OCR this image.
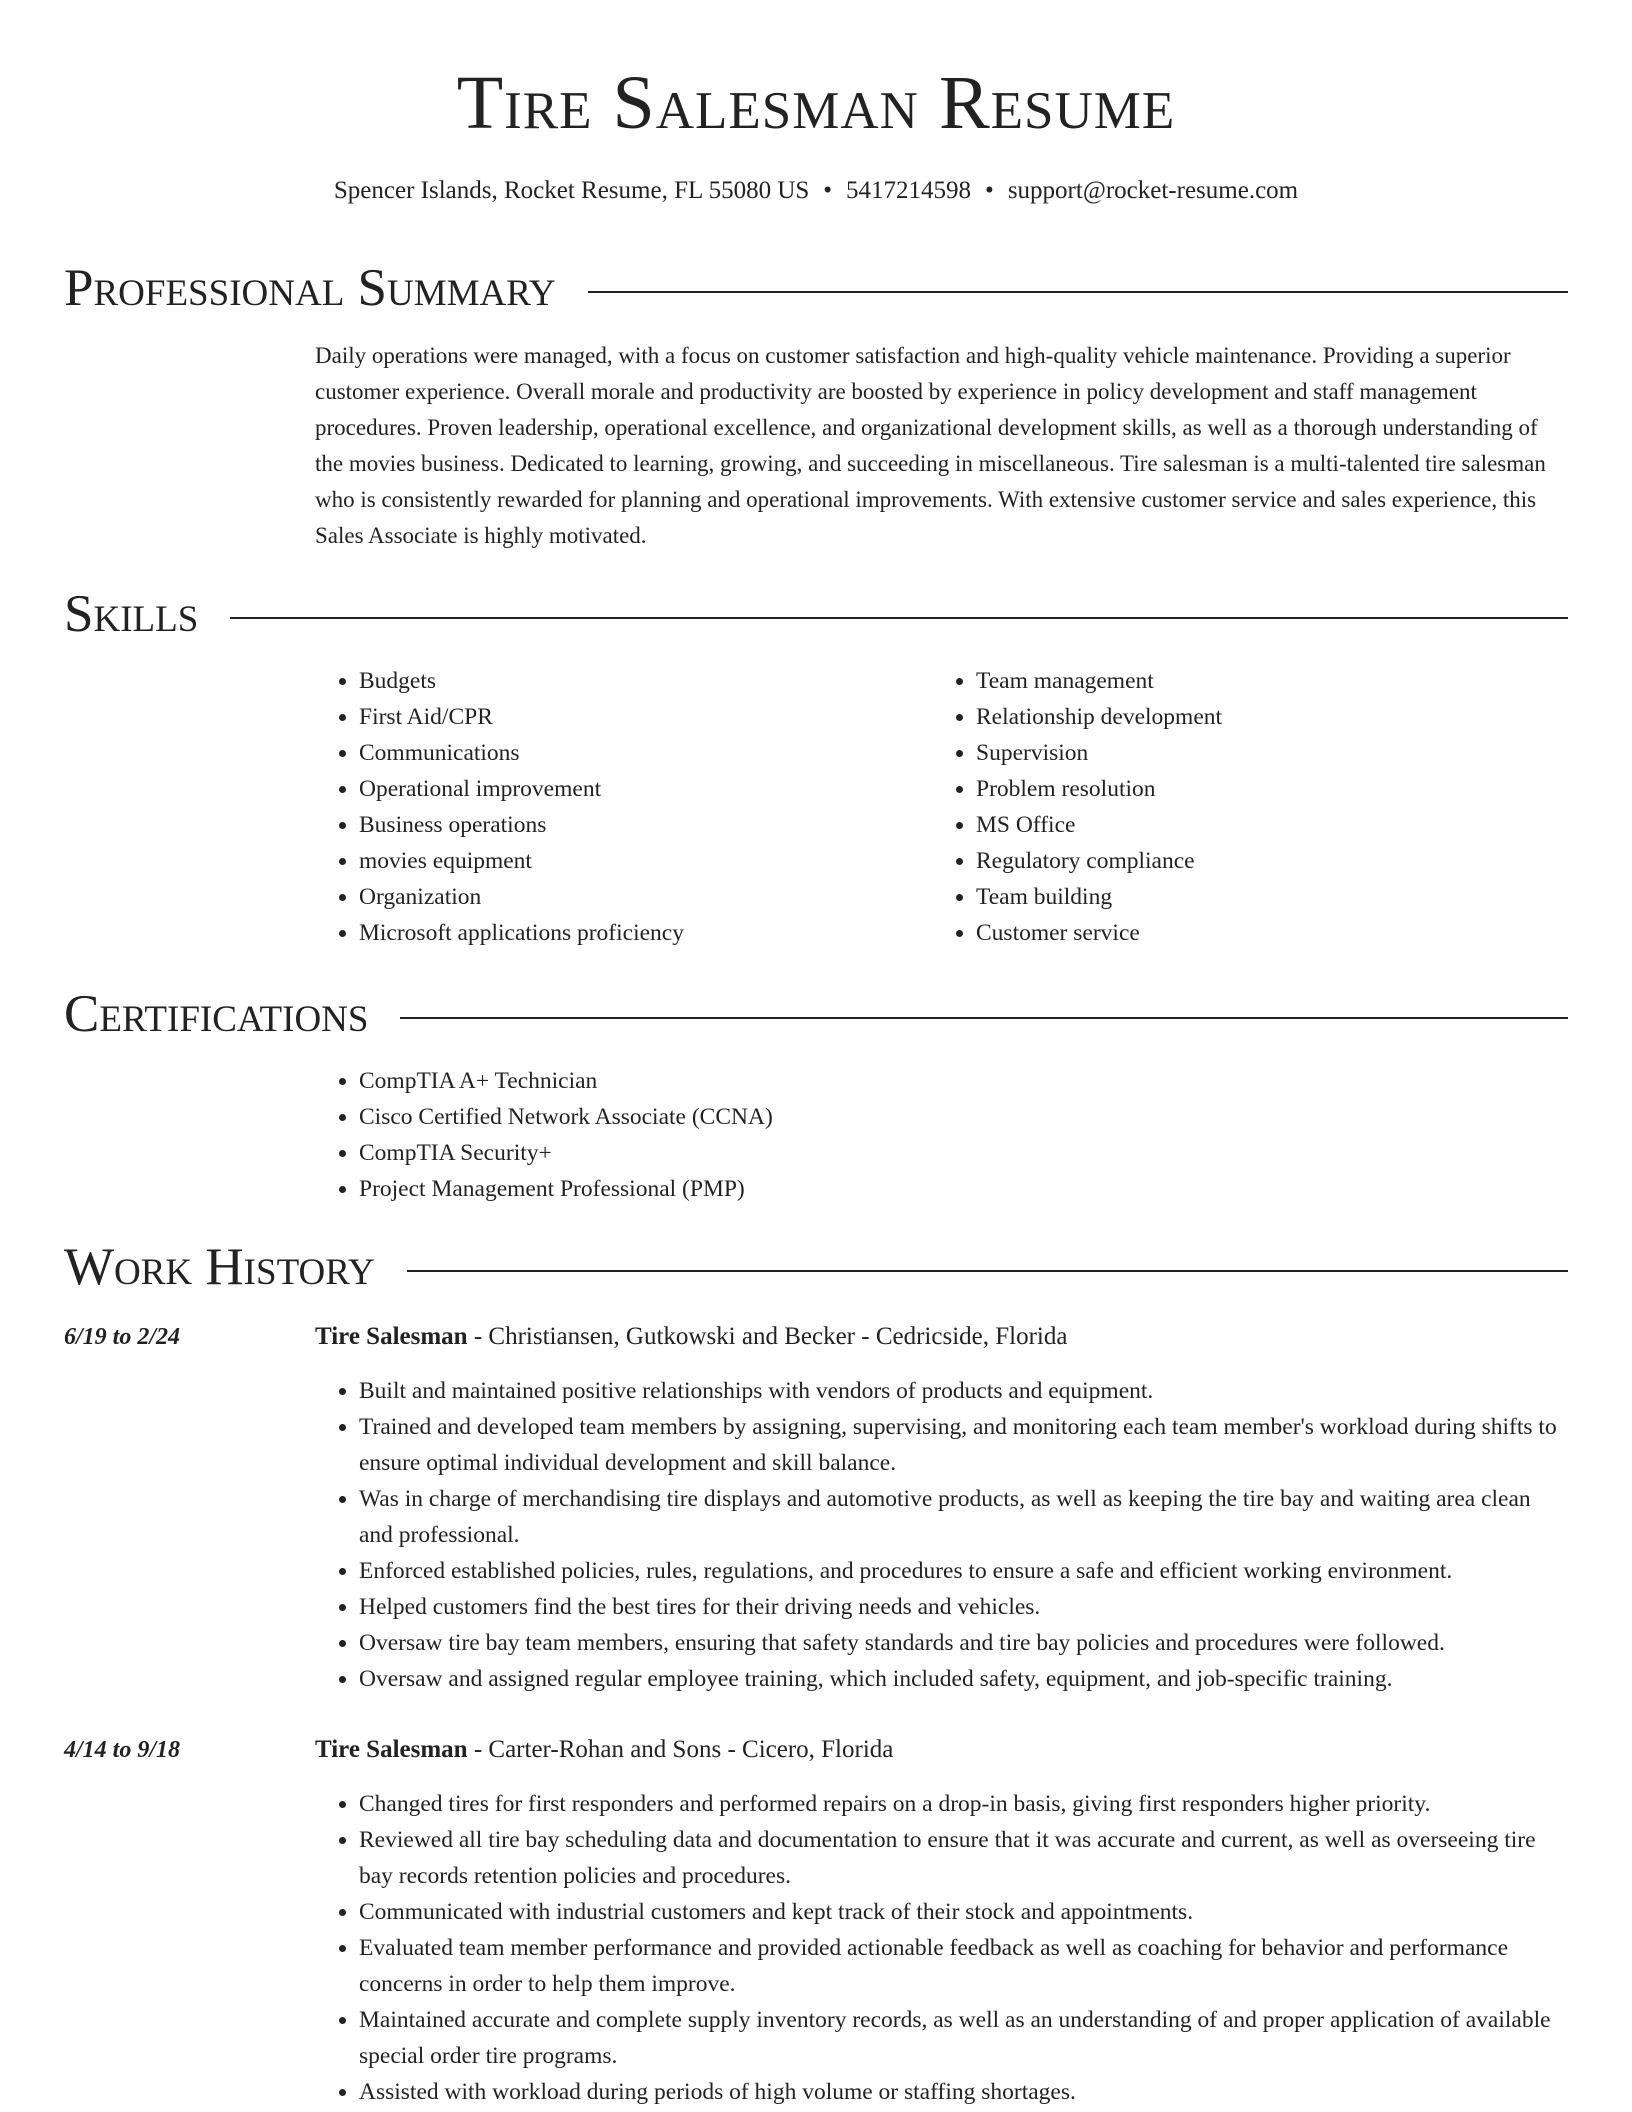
Tire Salesman Resume
Spencer Islands, Rocket Resume, FL 55080 US • 5417214598 • support@rocket-resume.com
Professional Summary

Daily operations were managed, with a focus on customer satisfaction and high-quality vehicle maintenance. Providing a superior customer experience. Overall morale and productivity are boosted by experience in policy development and staff management procedures. Proven leadership, operational excellence, and organizational development skills, as well as a thorough understanding of the movies business. Dedicated to learning, growing, and succeeding in miscellaneous. Tire salesman is a multi-talented tire salesman who is consistently rewarded for planning and operational improvements. With extensive customer service and sales experience, this Sales Associate is highly motivated.

Skills
• Budgets
• First Aid/CPR
• Communications
• Operational improvement
• Business operations
• movies equipment
• Organization
• Microsoft applications proficiency
• Team management
• Relationship development
• Supervision
• Problem resolution
• MS Office
• Regulatory compliance
• Team building
• Customer service
Certifications
• CompTIA A+ Technician
• Cisco Certified Network Associate (CCNA)
• CompTIA Security+
• Project Management Professional (PMP)
Work History
6/19 to 2/24	Tire Salesman - Christiansen, Gutkowski and Becker - Cedricside, Florida
• Built and maintained positive relationships with vendors of products and equipment.
• Trained and developed team members by assigning, supervising, and monitoring each team member's workload during shifts to ensure optimal individual development and skill balance.
• Was in charge of merchandising tire displays and automotive products, as well as keeping the tire bay and waiting area clean and professional.
• Enforced established policies, rules, regulations, and procedures to ensure a safe and efficient working environment.
• Helped customers find the best tires for their driving needs and vehicles.
• Oversaw tire bay team members, ensuring that safety standards and tire bay policies and procedures were followed.
• Oversaw and assigned regular employee training, which included safety, equipment, and job-specific training.
4/14 to 9/18	Tire Salesman - Carter-Rohan and Sons - Cicero, Florida
• Changed tires for first responders and performed repairs on a drop-in basis, giving first responders higher priority.
• Reviewed all tire bay scheduling data and documentation to ensure that it was accurate and current, as well as overseeing tire bay records retention policies and procedures.
• Communicated with industrial customers and kept track of their stock and appointments.
• Evaluated team member performance and provided actionable feedback as well as coaching for behavior and performance concerns in order to help them improve.
• Maintained accurate and complete supply inventory records, as well as an understanding of and proper application of available special order tire programs.
• Assisted with workload during periods of high volume or staffing shortages.
